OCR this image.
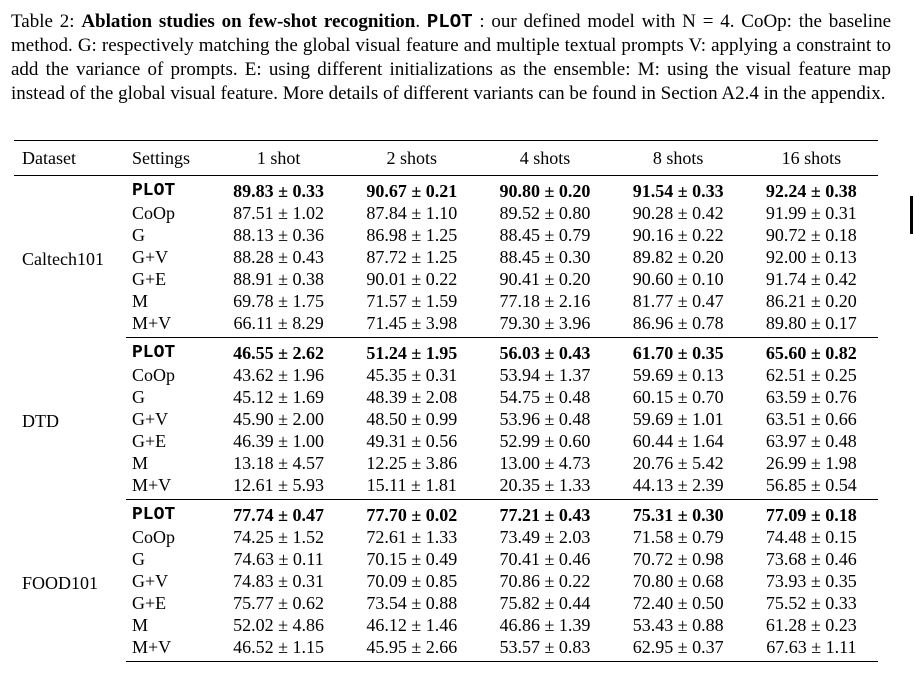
Table 2: Ablation studies on few-shot recognition. PLOT : our defined model with N = 4. CoOp: the baseline method. G: respectively matching the global visual feature and multiple textual prompts V: applying a constraint to add the variance of prompts. E: using different initializations as the ensemble: M: using the visual feature map instead of the global visual feature. More details of different variants can be found in Section A2.4 in the appendix.
Dataset	Settings	1 shot	2 shots	4 shots	8 shots	16 shots
Caltech101	PLOT	89.83 ± 0.33	90.67 ± 0.21	90.80 ± 0.20	91.54 ± 0.33	92.24 ± 0.38
	CoOp	87.51 ± 1.02	87.84 ± 1.10	89.52 ± 0.80	90.28 ± 0.42	91.99 ± 0.31
	G	88.13 ± 0.36	86.98 ± 1.25	88.45 ± 0.79	90.16 ± 0.22	90.72 ± 0.18
	G+V	88.28 ± 0.43	87.72 ± 1.25	88.45 ± 0.30	89.82 ± 0.20	92.00 ± 0.13
	G+E	88.91 ± 0.38	90.01 ± 0.22	90.41 ± 0.20	90.60 ± 0.10	91.74 ± 0.42
	M	69.78 ± 1.75	71.57 ± 1.59	77.18 ± 2.16	81.77 ± 0.47	86.21 ± 0.20
	M+V	66.11 ± 8.29	71.45 ± 3.98	79.30 ± 3.96	86.96 ± 0.78	89.80 ± 0.17
DTD	PLOT	46.55 ± 2.62	51.24 ± 1.95	56.03 ± 0.43	61.70 ± 0.35	65.60 ± 0.82
	CoOp	43.62 ± 1.96	45.35 ± 0.31	53.94 ± 1.37	59.69 ± 0.13	62.51 ± 0.25
	G	45.12 ± 1.69	48.39 ± 2.08	54.75 ± 0.48	60.15 ± 0.70	63.59 ± 0.76
	G+V	45.90 ± 2.00	48.50 ± 0.99	53.96 ± 0.48	59.69 ± 1.01	63.51 ± 0.66
	G+E	46.39 ± 1.00	49.31 ± 0.56	52.99 ± 0.60	60.44 ± 1.64	63.97 ± 0.48
	M	13.18 ± 4.57	12.25 ± 3.86	13.00 ± 4.73	20.76 ± 5.42	26.99 ± 1.98
	M+V	12.61 ± 5.93	15.11 ± 1.81	20.35 ± 1.33	44.13 ± 2.39	56.85 ± 0.54
FOOD101	PLOT	77.74 ± 0.47	77.70 ± 0.02	77.21 ± 0.43	75.31 ± 0.30	77.09 ± 0.18
	CoOp	74.25 ± 1.52	72.61 ± 1.33	73.49 ± 2.03	71.58 ± 0.79	74.48 ± 0.15
	G	74.63 ± 0.11	70.15 ± 0.49	70.41 ± 0.46	70.72 ± 0.98	73.68 ± 0.46
	G+V	74.83 ± 0.31	70.09 ± 0.85	70.86 ± 0.22	70.80 ± 0.68	73.93 ± 0.35
	G+E	75.77 ± 0.62	73.54 ± 0.88	75.82 ± 0.44	72.40 ± 0.50	75.52 ± 0.33
	M	52.02 ± 4.86	46.12 ± 1.46	46.86 ± 1.39	53.43 ± 0.88	61.28 ± 0.23
	M+V	46.52 ± 1.15	45.95 ± 2.66	53.57 ± 0.83	62.95 ± 0.37	67.63 ± 1.11
